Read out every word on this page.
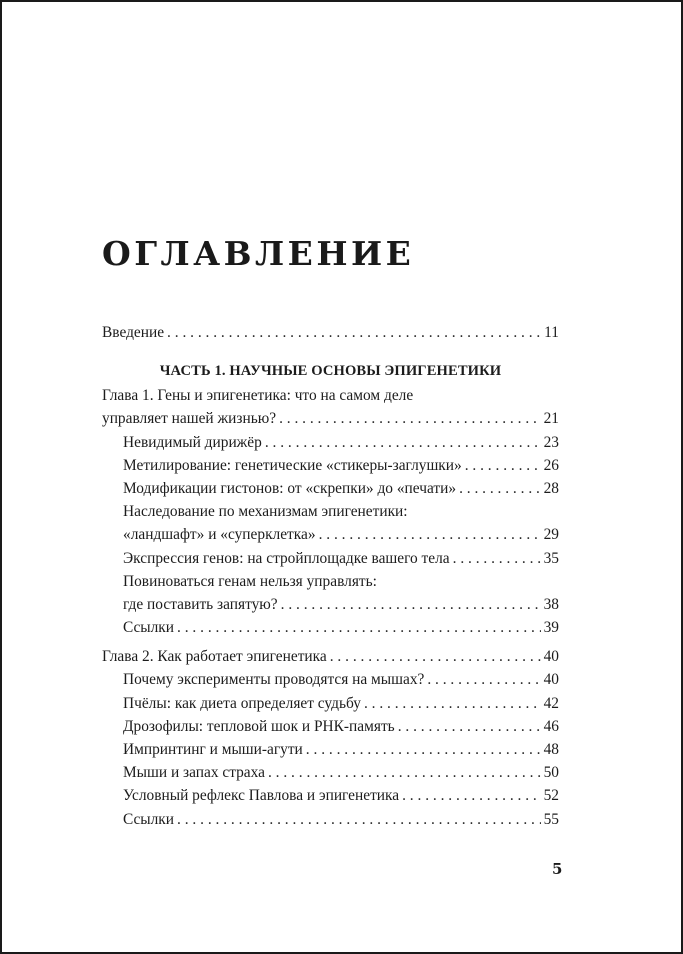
ОГЛАВЛЕНИЕ
Введение . . .	11
ЧАСТЬ 1. НАУЧНЫЕ ОСНОВЫ ЭПИГЕНЕТИКИ
Глава 1. Гены и эпигенетика: что на самом деле
управляет нашей жизнью? . . .	21
Невидимый дирижёр . . .	23
Метилирование: генетические «стикеры-заглушки» . . .	26
Модификации гистонов: от «скрепки» до «печати» . . .	28
Наследование по механизмам эпигенетики:
«ландшафт» и «суперклетка» . . .	29
Экспрессия генов: на стройплощадке вашего тела . . .	35
Повиноваться генам нельзя управлять:
где поставить запятую? . . .	38
Ссылки . . .	39
Глава 2. Как работает эпигенетика . . .	40
Почему эксперименты проводятся на мышах? . . .	40
Пчёлы: как диета определяет судьбу . . .	42
Дрозофилы: тепловой шок и РНК-память . . .	46
Импринтинг и мыши-агути . . .	48
Мыши и запах страха . . .	50
Условный рефлекс Павлова и эпигенетика . . .	52
Ссылки . . .	55
5
